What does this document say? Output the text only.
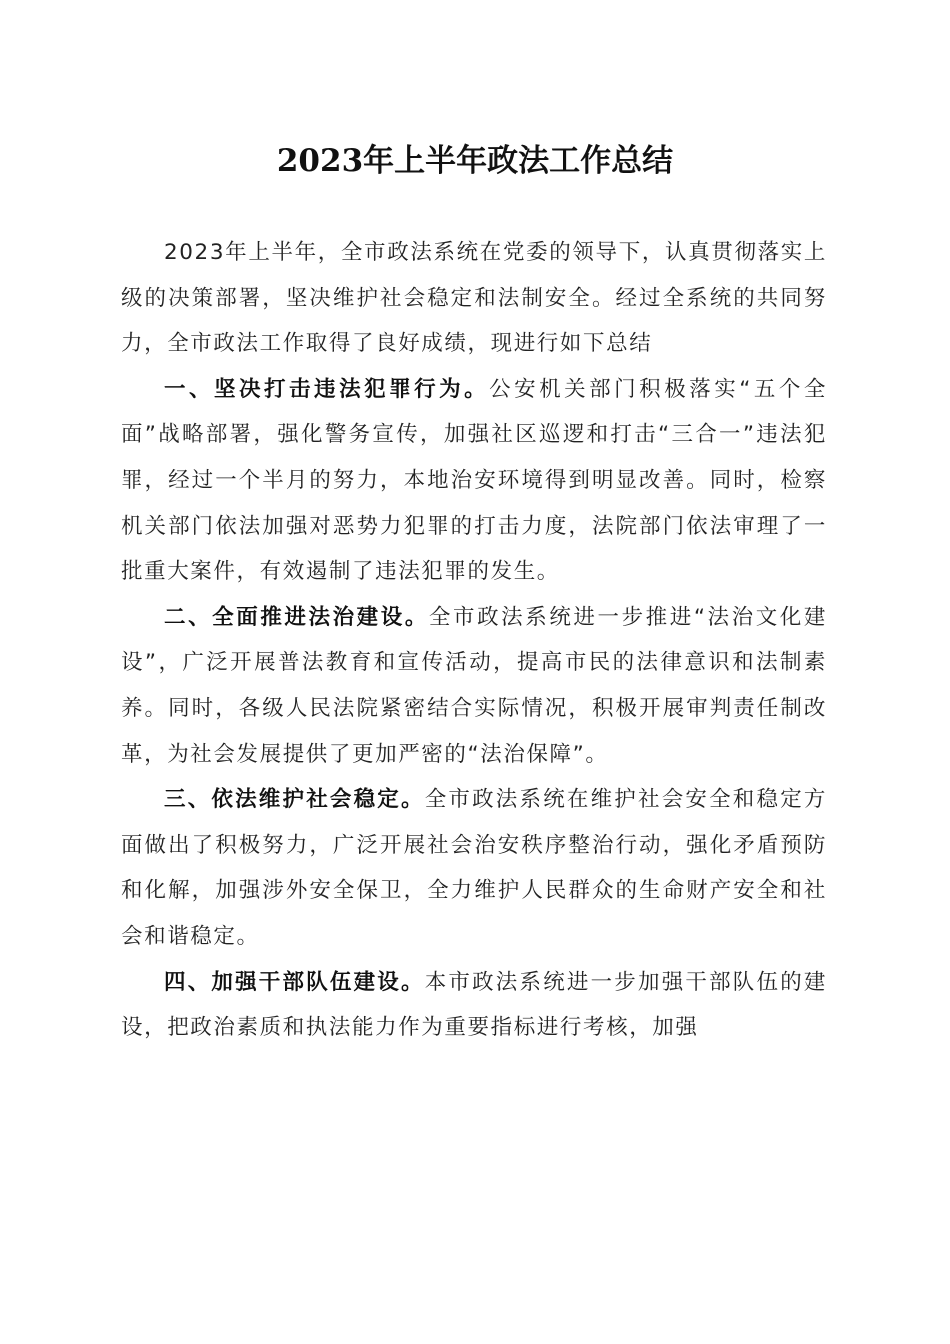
2023年上半年政法工作总结

2023年上半年，全市政法系统在党委的领导下，认真贯彻落实上级的决策部署，坚决维护社会稳定和法制安全。经过全系统的共同努力，全市政法工作取得了良好成绩，现进行如下总结

一、坚决打击违法犯罪行为。公安机关部门积极落实“五个全面”战略部署，强化警务宣传，加强社区巡逻和打击“三合一”违法犯罪，经过一个半月的努力，本地治安环境得到明显改善。同时，检察机关部门依法加强对恶势力犯罪的打击力度，法院部门依法审理了一批重大案件，有效遏制了违法犯罪的发生。

二、全面推进法治建设。全市政法系统进一步推进“法治文化建设”，广泛开展普法教育和宣传活动，提高市民的法律意识和法制素养。同时，各级人民法院紧密结合实际情况，积极开展审判责任制改革，为社会发展提供了更加严密的“法治保障”。

三、依法维护社会稳定。全市政法系统在维护社会安全和稳定方面做出了积极努力，广泛开展社会治安秩序整治行动，强化矛盾预防和化解，加强涉外安全保卫，全力维护人民群众的生命财产安全和社会和谐稳定。

四、加强干部队伍建设。本市政法系统进一步加强干部队伍的建设，把政治素质和执法能力作为重要指标进行考核，加强
